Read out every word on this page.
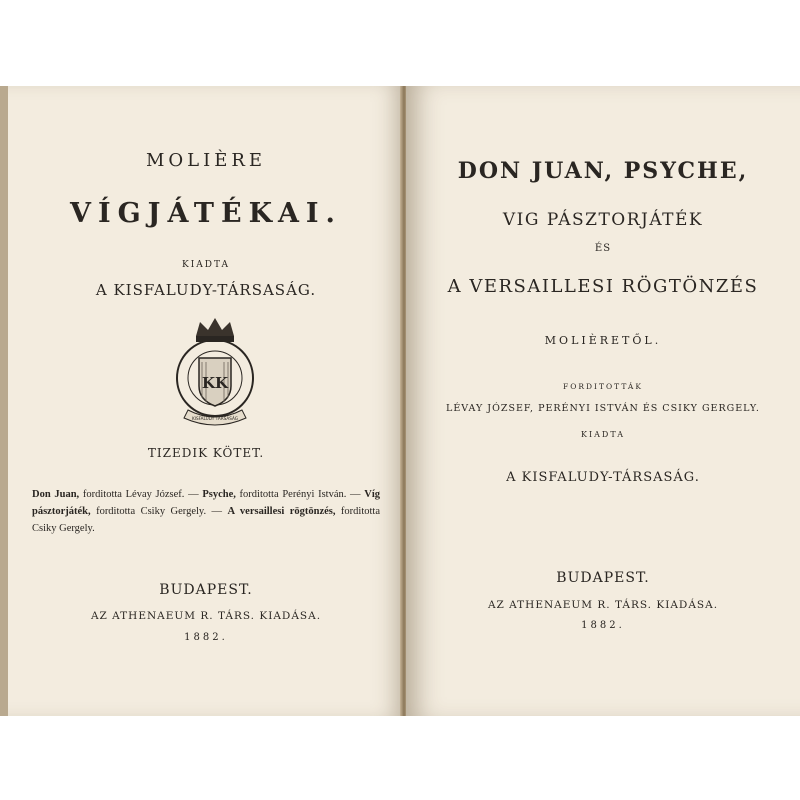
MOLIÈRE
VÍGJÁTÉKAI.
KIADTA
A KISFALUDY-TÁRSASÁG.
KK
KISFALUDY TÁRSASÁG
TIZEDIK KÖTET.
Don Juan, forditotta Lévay József. — Psyche, forditotta Perényi István. — Víg pásztorjáték, forditotta Csiky Gergely. — A versaillesi rögtönzés, forditotta Csiky Gergely.
BUDAPEST.
AZ ATHENAEUM R. TÁRS. KIADÁSA.
1882.
DON JUAN, PSYCHE,
VIG PÁSZTORJÁTÉK
ÉS
A VERSAILLESI RÖGTÖNZÉS
MOLIÈRETŐL.
FORDITOTTÁK
LÉVAY JÓZSEF, PERÉNYI ISTVÁN ÉS CSIKY GERGELY.
KIADTA
A KISFALUDY-TÁRSASÁG.
BUDAPEST.
AZ ATHENAEUM R. TÁRS. KIADÁSA.
1882.
